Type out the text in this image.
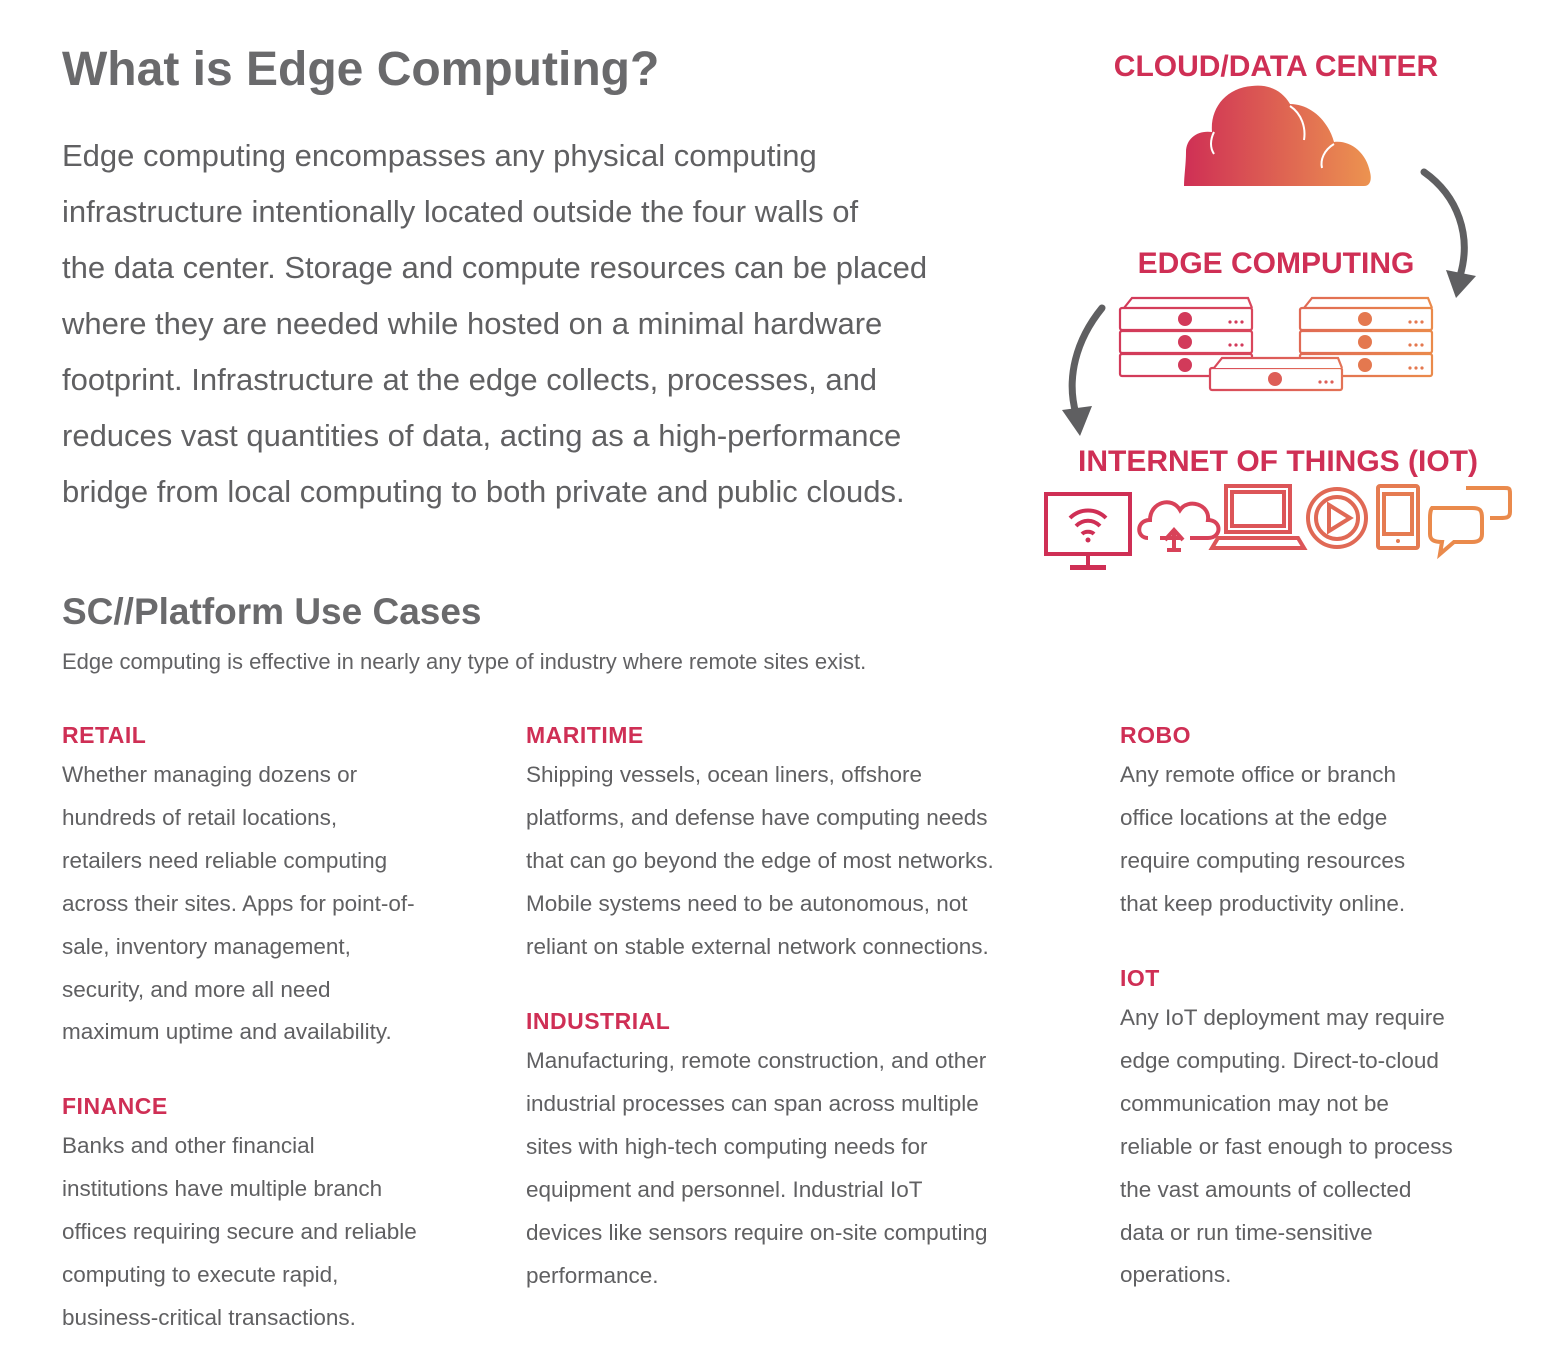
What is Edge Computing?

Edge computing encompasses any physical computing
infrastructure intentionally located outside the four walls of
the data center. Storage and compute resources can be placed
where they are needed while hosted on a minimal hardware
footprint. Infrastructure at the edge collects, processes, and
reduces vast quantities of data, acting as a high-performance
bridge from local computing to both private and public clouds.

CLOUD/DATA CENTER
EDGE COMPUTING
INTERNET OF THINGS (IOT)
//
SC//Platform Use Cases

Edge computing is effective in nearly any type of industry where remote sites exist.

RETAIL

Whether managing dozens or
hundreds of retail locations,
retailers need reliable computing
across their sites. Apps for point-of-
sale, inventory management,
security, and more all need
maximum uptime and availability.

FINANCE

Banks and other financial
institutions have multiple branch
offices requiring secure and reliable
computing to execute rapid,
business-critical transactions.

MARITIME

Shipping vessels, ocean liners, offshore
platforms, and defense have computing needs
that can go beyond the edge of most networks.
Mobile systems need to be autonomous, not
reliant on stable external network connections.

INDUSTRIAL

Manufacturing, remote construction, and other
industrial processes can span across multiple
sites with high-tech computing needs for
equipment and personnel. Industrial IoT
devices like sensors require on-site computing
performance.

ROBO

Any remote office or branch
office locations at the edge
require computing resources
that keep productivity online.

IOT

Any IoT deployment may require
edge computing. Direct-to-cloud
communication may not be
reliable or fast enough to process
the vast amounts of collected
data or run time-sensitive
operations.
